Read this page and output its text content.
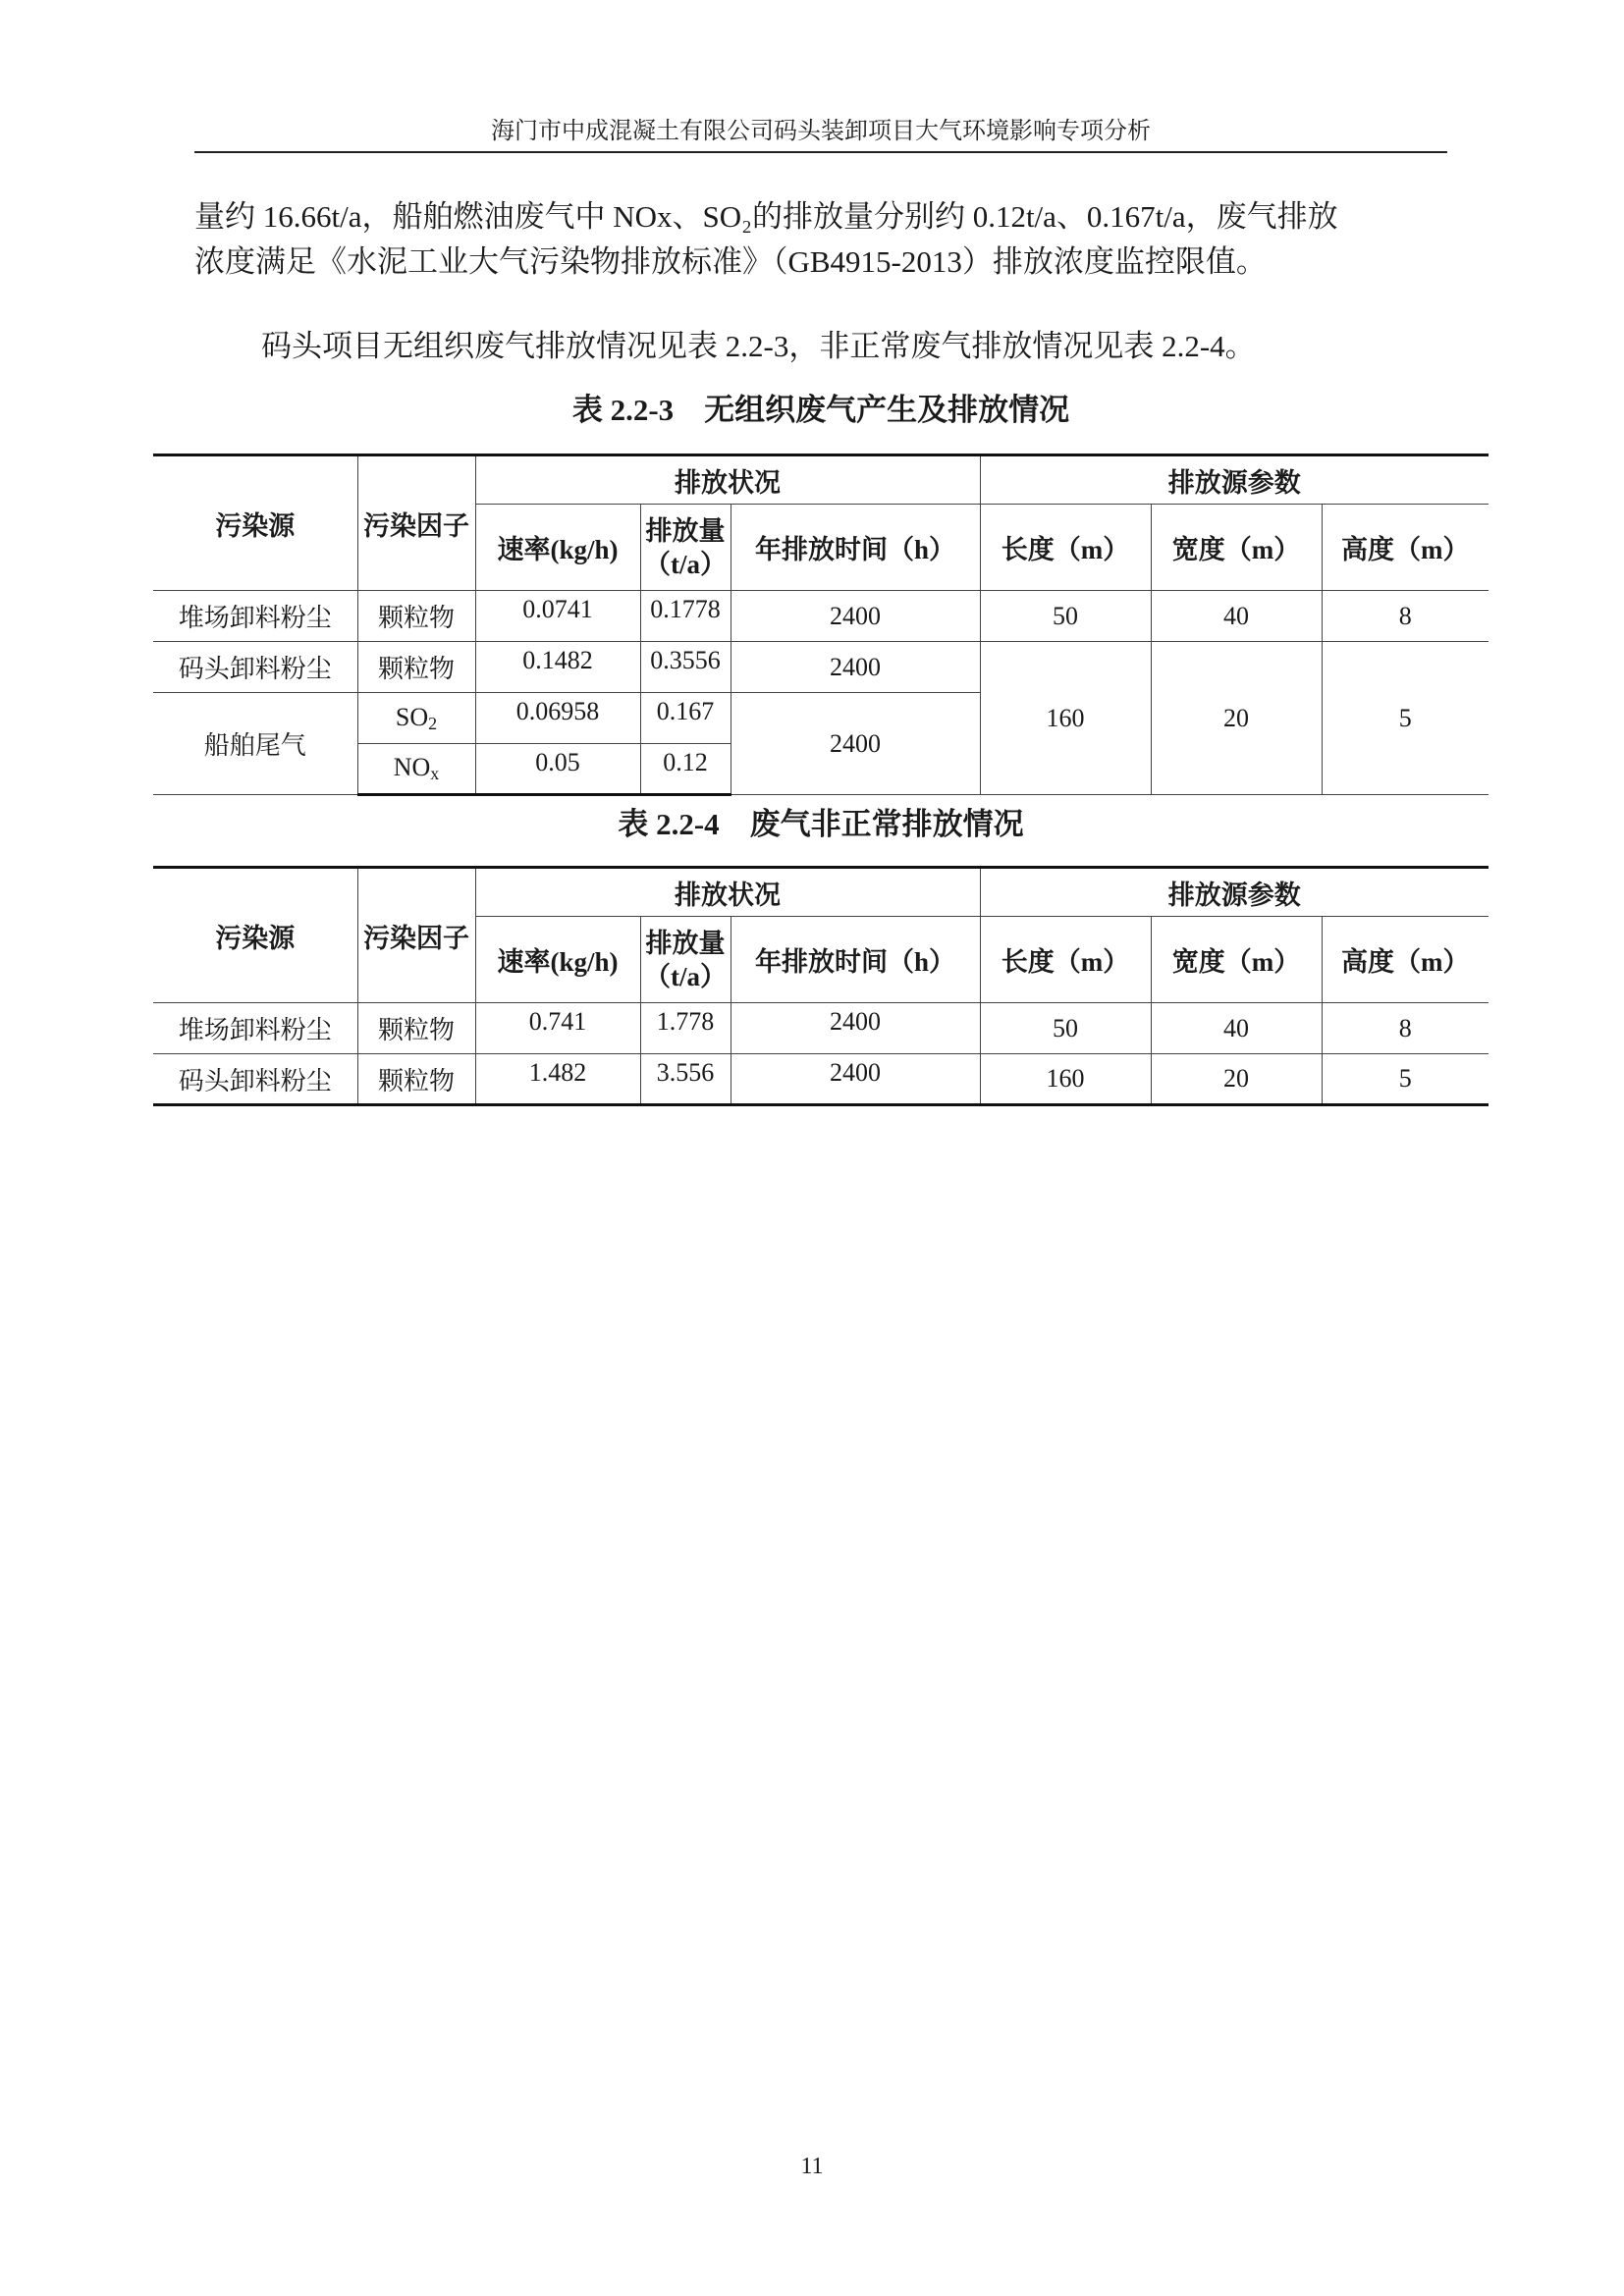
海门市中成混凝土有限公司码头装卸项目大气环境影响专项分析

量约 16.66t/a，船舶燃油废气中 NOx、SO₂的排放量分别约 0.12t/a、0.167t/a，废气排放

浓度满足《水泥工业大气污染物排放标准》（GB4915-2013）排放浓度监控限值。

码头项目无组织废气排放情况见表 2.2-3，非正常废气排放情况见表 2.2-4。

表 2.2-3　无组织废气产生及排放情况
污染源	污染因子	排放状况			排放源参数		
		速率(kg/h)	排放量
（t/a）	年排放时间（h）	长度（m）	宽度（m）	高度（m）
堆场卸料粉尘	颗粒物	0.0741	0.1778	2400	50	40	8
码头卸料粉尘	颗粒物	0.1482	0.3556	2400	160	20	5
船舶尾气	$SO_2$	0.06958	0.167	2400			
	$NO_x$	0.05	0.12				
表 2.2-4　废气非正常排放情况
污染源	污染因子	排放状况			排放源参数		
		速率(kg/h)	排放量
（t/a）	年排放时间（h）	长度（m）	宽度（m）	高度（m）
堆场卸料粉尘	颗粒物	0.741	1.778	2400	50	40	8
码头卸料粉尘	颗粒物	1.482	3.556	2400	160	20	5
11
